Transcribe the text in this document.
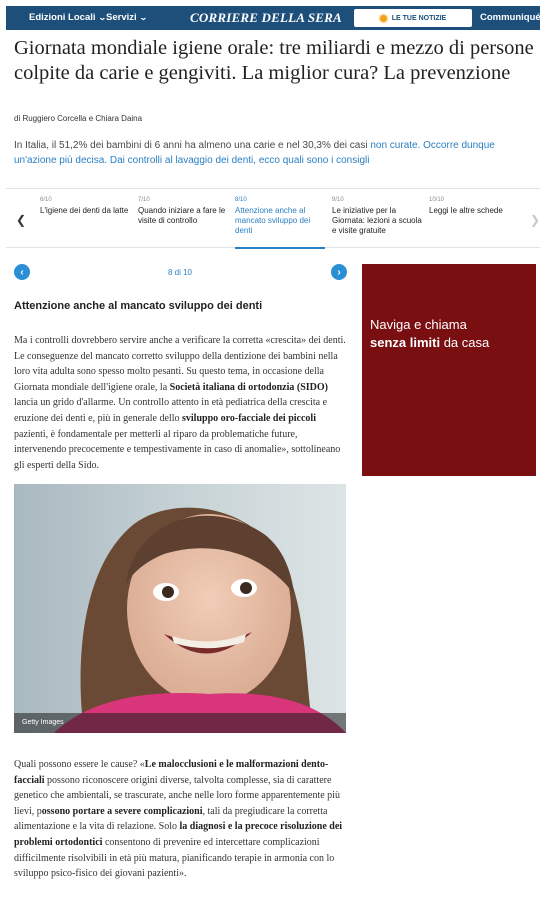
Edizioni Locali ⌄ Servizi ⌄	CORRIERE DELLA SERA	LE TUE NOTIZIE	Communiqué ⌄
Giornata mondiale igiene orale: tre miliardi e mezzo di persone colpite da carie e gengiviti. La miglior cura? La prevenzione
di Ruggiero Corcella e Chiara Daina

In Italia, il 51,2% dei bambini di 6 anni ha almeno una carie e nel 30,3% dei casi non curate. Occorre dunque un'azione più decisa. Dai controlli al lavaggio dei denti, ecco quali sono i consigli

❮
6/10
L'igiene dei denti da latte
7/10
Quando iniziare a fare le visite di controllo
8/10
Attenzione anche al mancato sviluppo dei denti
9/10
Le iniziative per la Giornata: lezioni a scuola e visite gratuite
10/10
Leggi le altre schede
❯
‹	8 di 10	›
Attenzione anche al mancato sviluppo dei denti

Ma i controlli dovrebbero servire anche a verificare la corretta «crescita» dei denti. Le conseguenze del mancato corretto sviluppo della dentizione dei bambini nella loro vita adulta sono spesso molto pesanti. Su questo tema, in occasione della Giornata mondiale dell'igiene orale, la Società italiana di ortodonzia (SIDO) lancia un grido d'allarme. Un controllo attento in età pediatrica della crescita e eruzione dei denti e, più in generale dello sviluppo oro-facciale dei piccoli pazienti, è fondamentale per metterli al riparo da problematiche future, intervenendo precocemente e tempestivamente in caso di anomalie», sottolineano gli esperti della Sido.

Getty Images

Quali possono essere le cause? «Le malocclusioni e le malformazioni dento-facciali possono riconoscere origini diverse, talvolta complesse, sia di carattere genetico che ambientali, se trascurate, anche nelle loro forme apparentemente più lievi, possono portare a severe complicazioni, tali da pregiudicare la corretta alimentazione e la vita di relazione. Solo la diagnosi e la precoce risoluzione dei problemi ortodontici consentono di prevenire ed intercettare complicazioni difficilmente risolvibili in età più matura, pianificando terapie in armonia con lo sviluppo psico-fisico dei giovani pazienti».

Naviga e chiama
senza limiti da casa
